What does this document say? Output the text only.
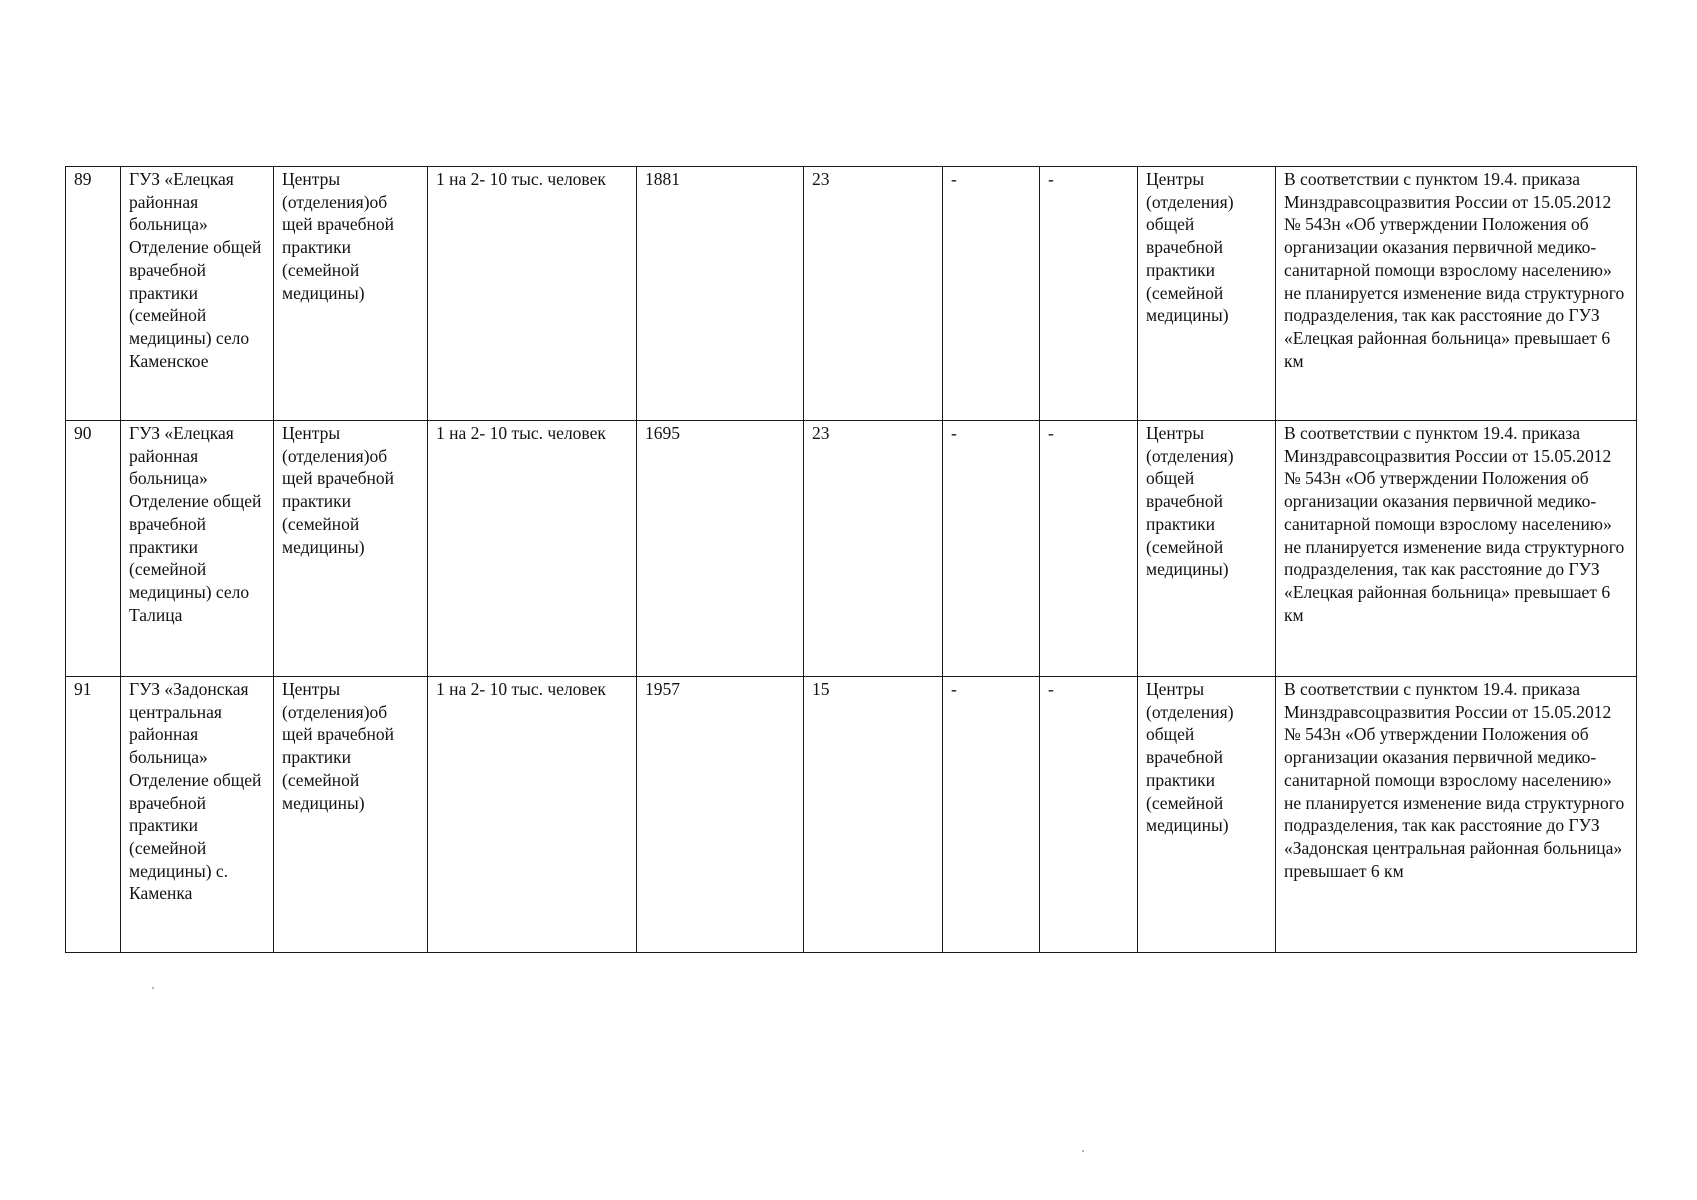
89	ГУЗ «Елецкая районная больница» Отделение общей врачебной практики (семейной медицины) село Каменское	Центры (отделения)об щей врачебной практики (семейной медицины)	1 на 2- 10 тыс. человек	1881	23	-	-	Центры (отделения) общей врачебной практики (семейной медицины)	В соответствии с пунктом 19.4. приказа Минздравсоцразвития России от 15.05.2012 № 543н «Об утверждении Положения об организации оказания первичной медико-санитарной помощи взрослому населению» не планируется изменение вида структурного подразделения, так как расстояние до ГУЗ «Елецкая районная больница» превышает 6 км
90	ГУЗ «Елецкая районная больница» Отделение общей врачебной практики (семейной медицины) село Талица	Центры (отделения)об щей врачебной практики (семейной медицины)	1 на 2- 10 тыс. человек	1695	23	-	-	Центры (отделения) общей врачебной практики (семейной медицины)	В соответствии с пунктом 19.4. приказа Минздравсоцразвития России от 15.05.2012 № 543н «Об утверждении Положения об организации оказания первичной медико-санитарной помощи взрослому населению» не планируется изменение вида структурного подразделения, так как расстояние до ГУЗ «Елецкая районная больница» превышает 6 км
91	ГУЗ «Задонская центральная районная больница» Отделение общей врачебной практики (семейной медицины) с. Каменка	Центры (отделения)об щей врачебной практики (семейной медицины)	1 на 2- 10 тыс. человек	1957	15	-	-	Центры (отделения) общей врачебной практики (семейной медицины)	В соответствии с пунктом 19.4. приказа Минздравсоцразвития России от 15.05.2012 № 543н «Об утверждении Положения об организации оказания первичной медико-санитарной помощи взрослому населению» не планируется изменение вида структурного подразделения, так как расстояние до ГУЗ «Задонская центральная районная больница» превышает 6 км
